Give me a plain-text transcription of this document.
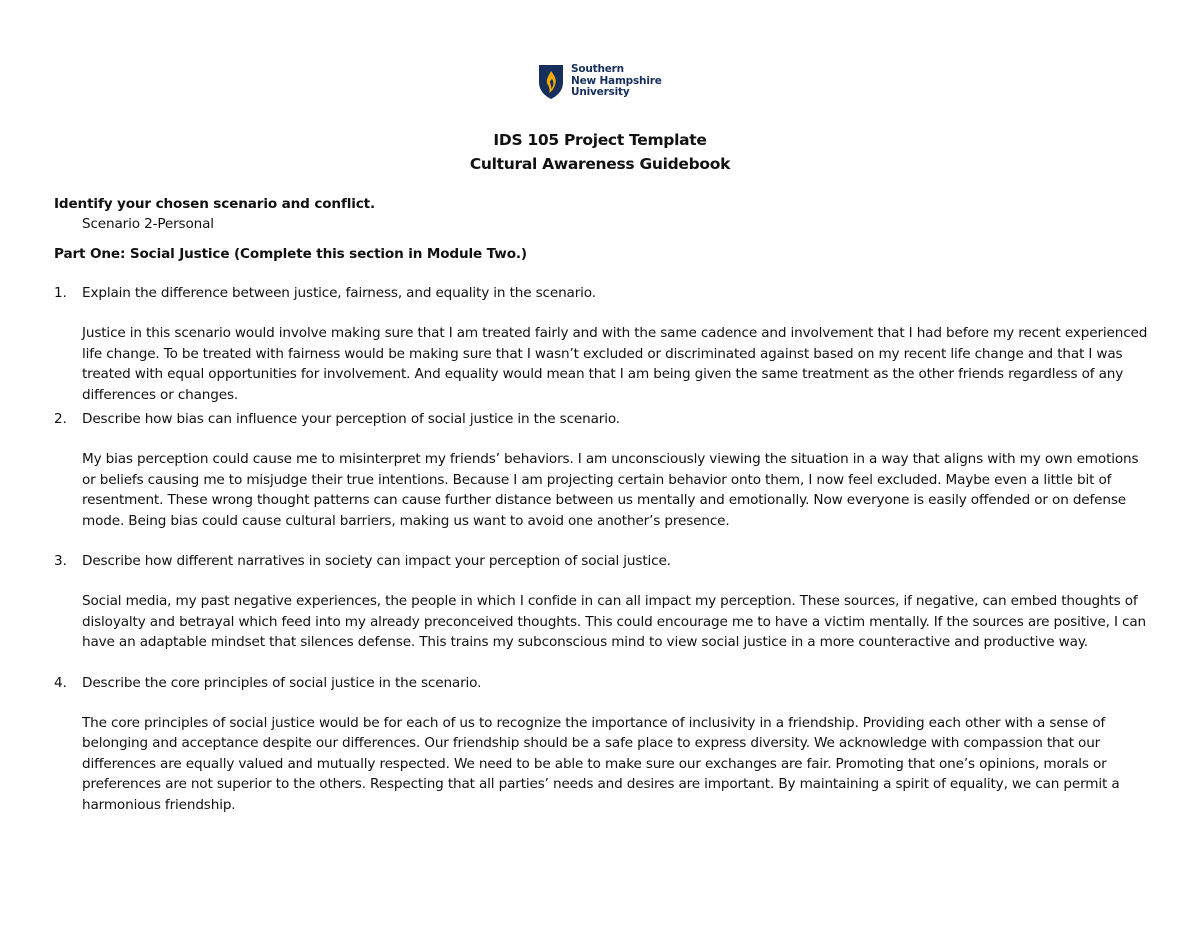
Southern
New Hampshire
University
IDS 105 Project Template
Cultural Awareness Guidebook

Identify your chosen scenario and conflict.

Scenario 2-Personal

Part One: Social Justice (Complete this section in Module Two.)

1. Explain the difference between justice, fairness, and equality in the scenario.

Justice in this scenario would involve making sure that I am treated fairly and with the same cadence and involvement that I had before my recent experienced life change. To be treated with fairness would be making sure that I wasn’t excluded or discriminated against based on my recent life change and that I was treated with equal opportunities for involvement. And equality would mean that I am being given the same treatment as the other friends regardless of any differences or changes.

2. Describe how bias can influence your perception of social justice in the scenario.

My bias perception could cause me to misinterpret my friends’ behaviors. I am unconsciously viewing the situation in a way that aligns with my own emotions or beliefs causing me to misjudge their true intentions. Because I am projecting certain behavior onto them, I now feel excluded. Maybe even a little bit of resentment. These wrong thought patterns can cause further distance between us mentally and emotionally. Now everyone is easily offended or on defense mode. Being bias could cause cultural barriers, making us want to avoid one another’s presence.

3. Describe how different narratives in society can impact your perception of social justice.

Social media, my past negative experiences, the people in which I confide in can all impact my perception. These sources, if negative, can embed thoughts of disloyalty and betrayal which feed into my already preconceived thoughts. This could encourage me to have a victim mentally. If the sources are positive, I can have an adaptable mindset that silences defense. This trains my subconscious mind to view social justice in a more counteractive and productive way.

4. Describe the core principles of social justice in the scenario.

The core principles of social justice would be for each of us to recognize the importance of inclusivity in a friendship. Providing each other with a sense of belonging and acceptance despite our differences. Our friendship should be a safe place to express diversity. We acknowledge with compassion that our differences are equally valued and mutually respected. We need to be able to make sure our exchanges are fair. Promoting that one’s opinions, morals or preferences are not superior to the others. Respecting that all parties’ needs and desires are important. By maintaining a spirit of equality, we can permit a harmonious friendship.
